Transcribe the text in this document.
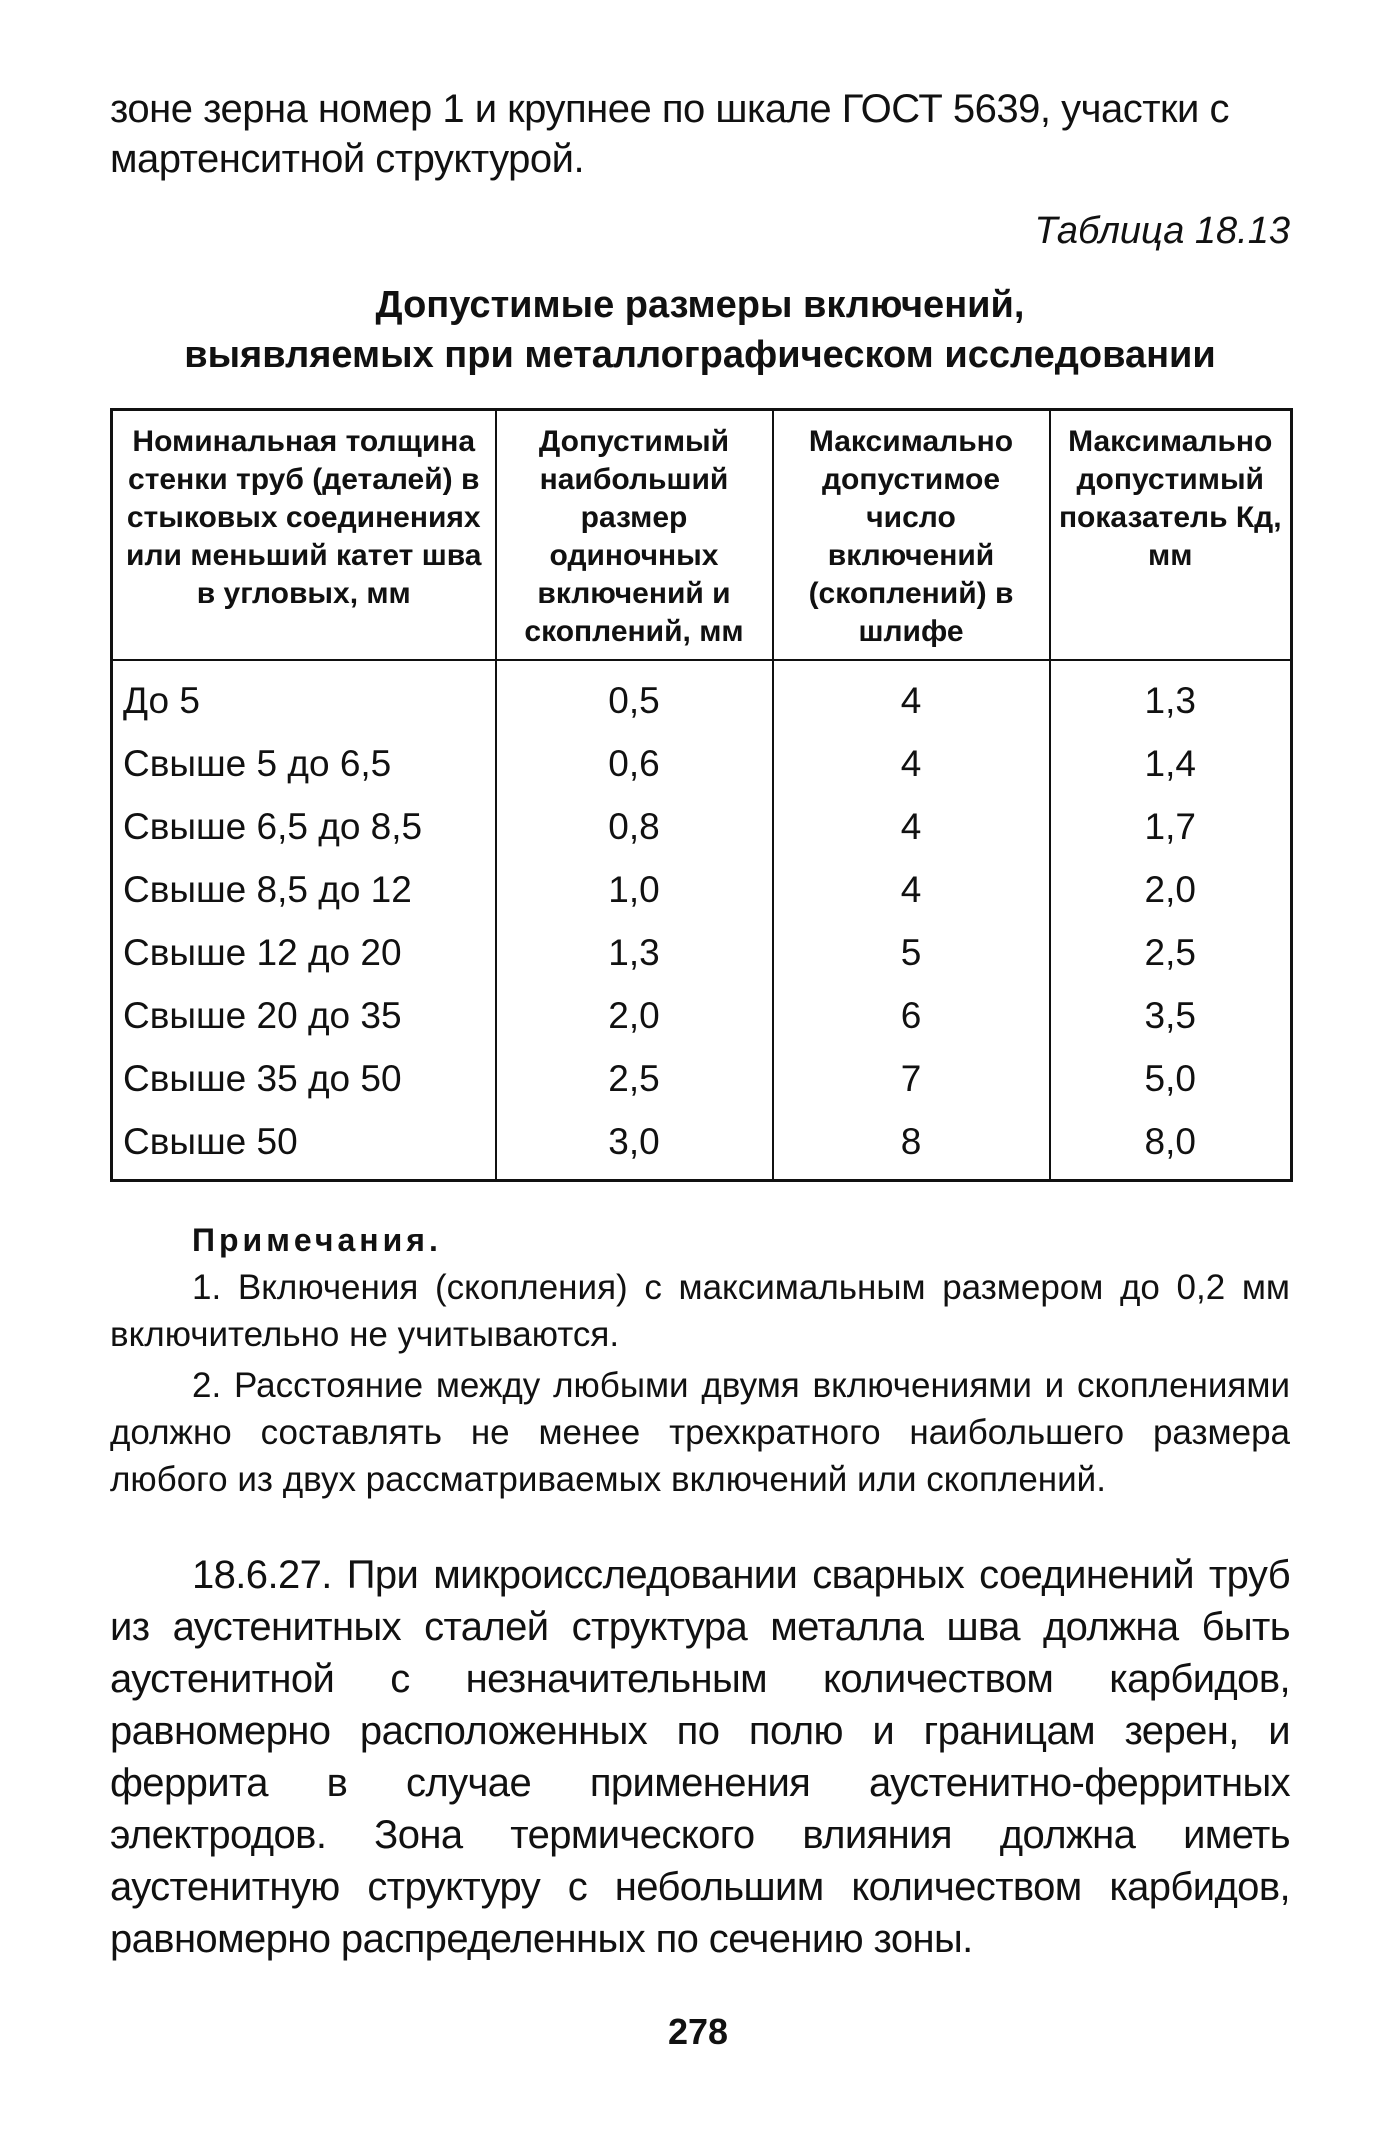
зоне зерна номер 1 и крупнее по шкале ГОСТ 5639, участки с мартенситной структурой.

Таблица 18.13
Допустимые размеры включений,
выявляемых при металлографическом исследовании
Номинальная толщина стенки труб (деталей) в стыковых соединениях или меньший катет шва в угловых, мм	Допустимый наибольший размер одиночных включений и скоплений, мм	Максимально допустимое число включений (скоплений) в шлифе	Максимально допустимый показатель Кд, мм
До 5	0,5	4	1,3
Свыше 5 до 6,5	0,6	4	1,4
Свыше 6,5 до 8,5	0,8	4	1,7
Свыше 8,5 до 12	1,0	4	2,0
Свыше 12 до 20	1,3	5	2,5
Свыше 20 до 35	2,0	6	3,5
Свыше 35 до 50	2,5	7	5,0
Свыше 50	3,0	8	8,0
Примечания.

1. Включения (скопления) с максимальным размером до 0,2 мм включительно не учитываются.

2. Расстояние между любыми двумя включениями и скоплениями должно составлять не менее трехкратного наибольшего размера любого из двух рассматриваемых включений или скоплений.

18.6.27. При микроисследовании сварных соединений труб из аустенитных сталей структура металла шва должна быть аустенитной с незначительным количеством карбидов, равномерно расположенных по полю и границам зерен, и феррита в случае применения аустенитно-ферритных электродов. Зона термического влияния должна иметь аустенитную структуру с небольшим количеством карбидов, равномерно распределенных по сечению зоны.

278
